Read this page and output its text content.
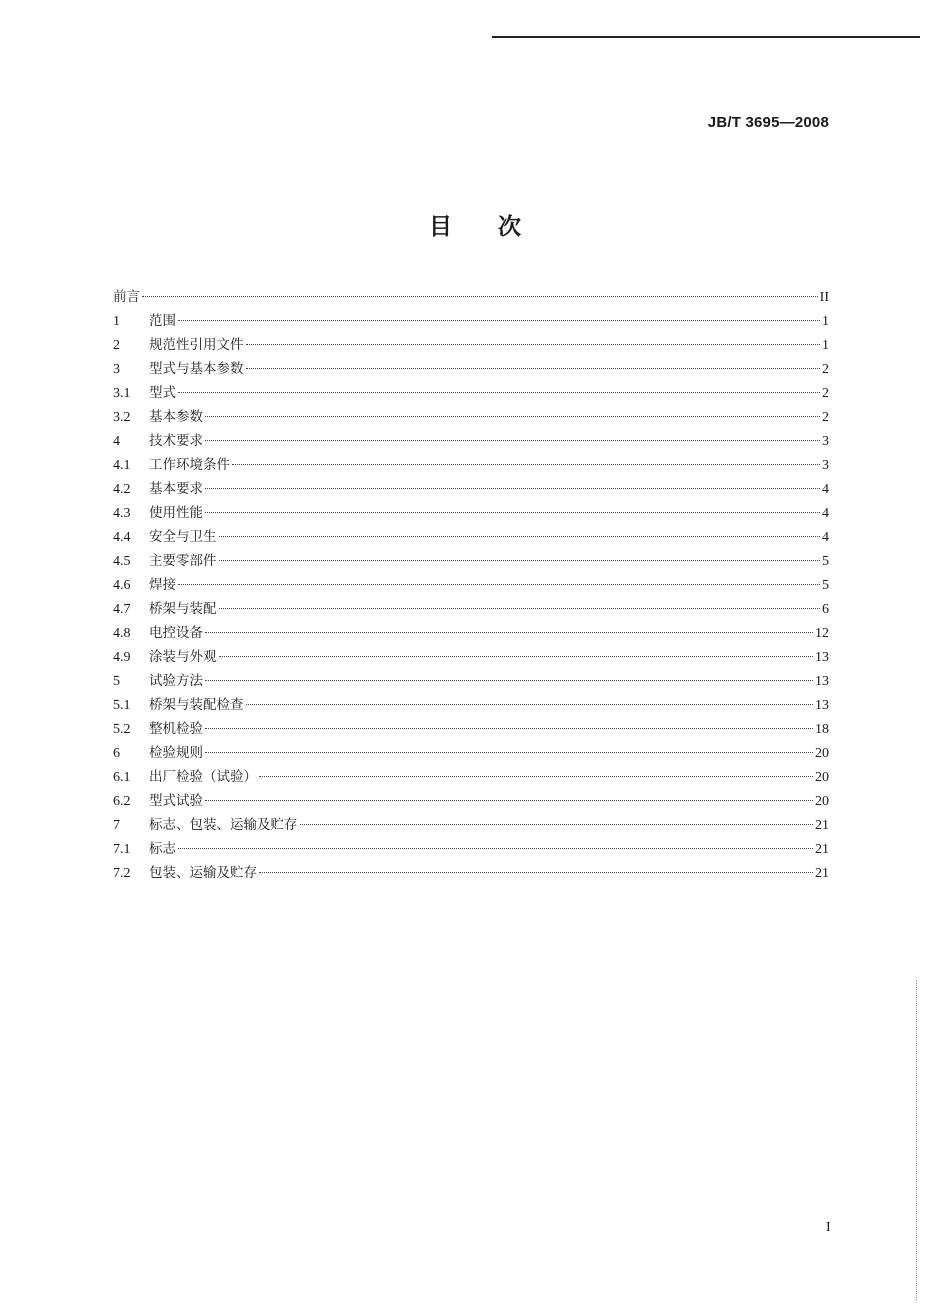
JB/T 3695—2008
目 次
前言	II
1	范围	1
2	规范性引用文件	1
3	型式与基本参数	2
3.1	型式	2
3.2	基本参数	2
4	技术要求	3
4.1	工作环境条件	3
4.2	基本要求	4
4.3	使用性能	4
4.4	安全与卫生	4
4.5	主要零部件	5
4.6	焊接	5
4.7	桥架与装配	6
4.8	电控设备	12
4.9	涂装与外观	13
5	试验方法	13
5.1	桥架与装配检查	13
5.2	整机检验	18
6	检验规则	20
6.1	出厂检验（试验）	20
6.2	型式试验	20
7	标志、包装、运输及贮存	21
7.1	标志	21
7.2	包装、运输及贮存	21
I
